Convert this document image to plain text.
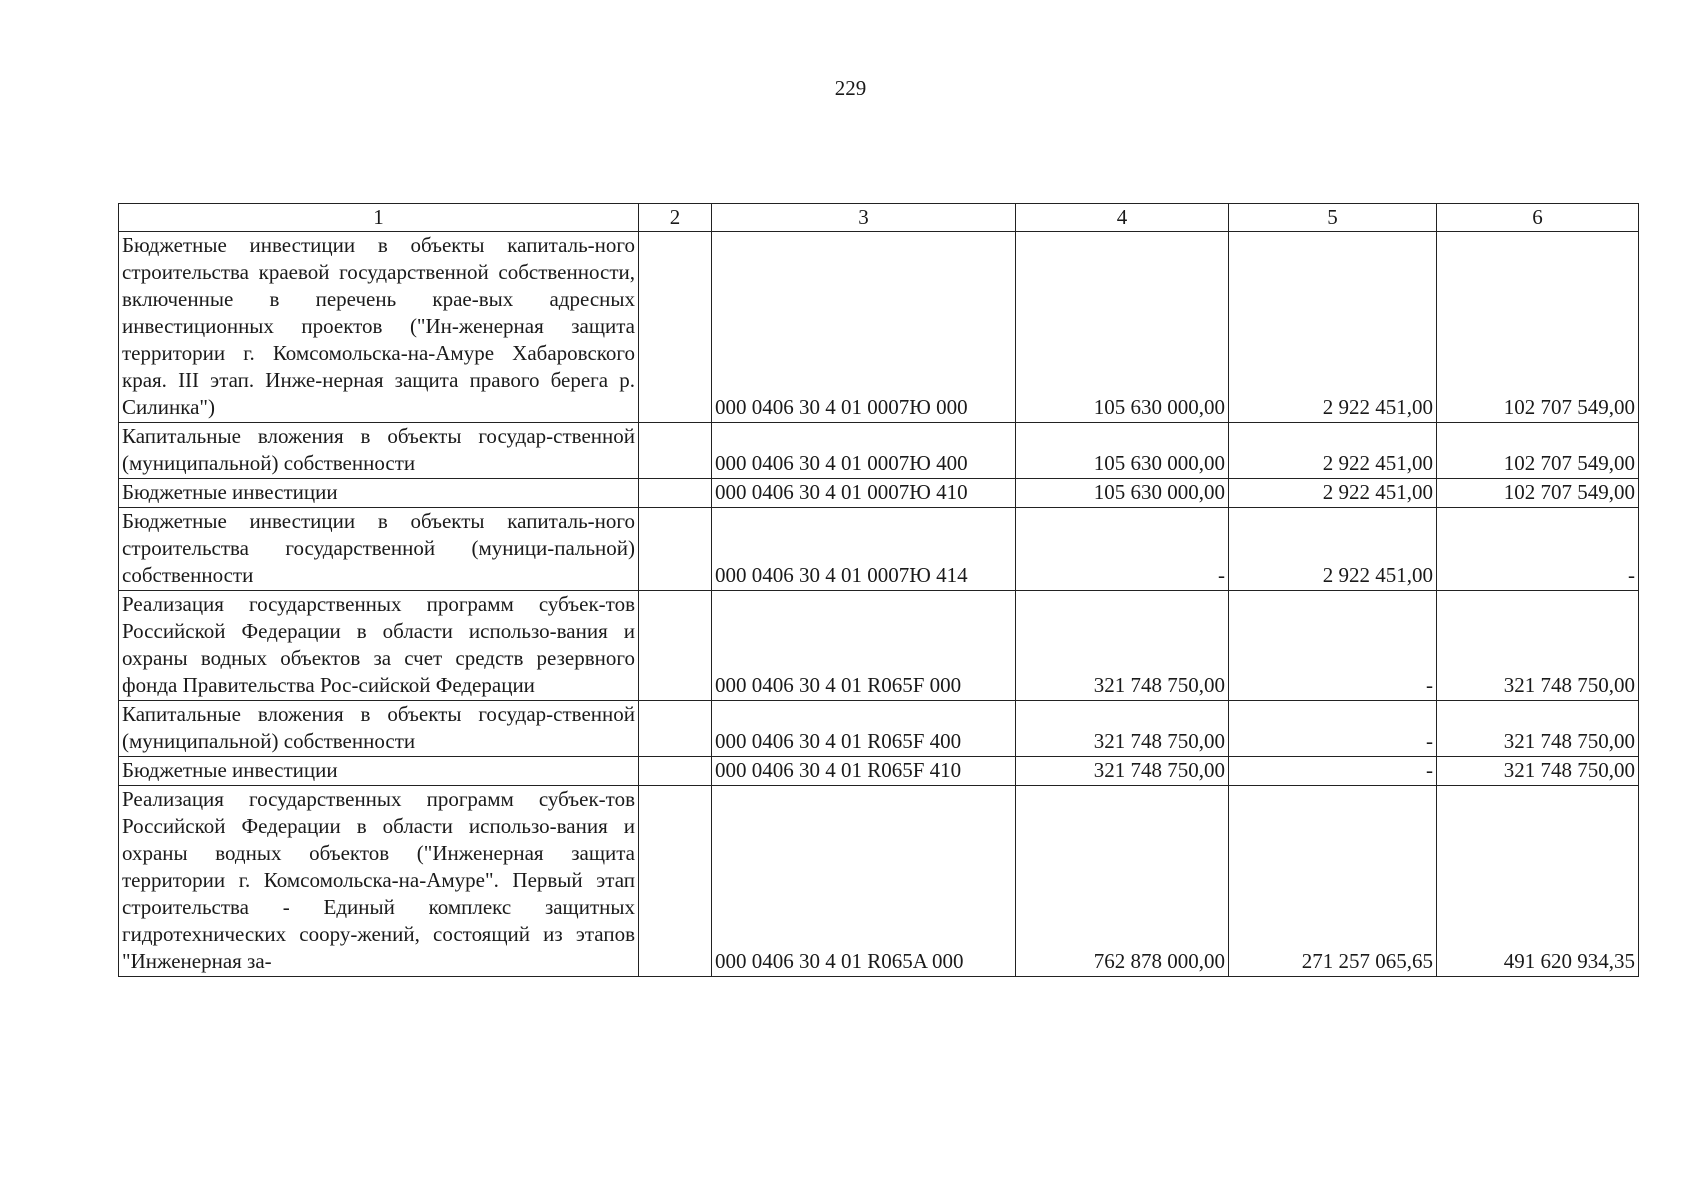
229
1	2	3	4	5	6
Бюджетные инвестиции в объекты капиталь-ного строительства краевой государственной собственности, включенные в перечень крае-вых адресных инвестиционных проектов ("Ин-женерная защита территории г. Комсомольска-на-Амуре Хабаровского края. III этап. Инже-нерная защита правого берега р. Силинка")		000 0406 30 4 01 0007Ю 000	105 630 000,00	2 922 451,00	102 707 549,00
Капитальные вложения в объекты государ-ственной (муниципальной) собственности		000 0406 30 4 01 0007Ю 400	105 630 000,00	2 922 451,00	102 707 549,00
Бюджетные инвестиции		000 0406 30 4 01 0007Ю 410	105 630 000,00	2 922 451,00	102 707 549,00
Бюджетные инвестиции в объекты капиталь-ного строительства государственной (муници-пальной) собственности		000 0406 30 4 01 0007Ю 414	-	2 922 451,00	-
Реализация государственных программ субъек-тов Российской Федерации в области использо-вания и охраны водных объектов за счет средств резервного фонда Правительства Рос-сийской Федерации		000 0406 30 4 01 R065F 000	321 748 750,00	-	321 748 750,00
Капитальные вложения в объекты государ-ственной (муниципальной) собственности		000 0406 30 4 01 R065F 400	321 748 750,00	-	321 748 750,00
Бюджетные инвестиции		000 0406 30 4 01 R065F 410	321 748 750,00	-	321 748 750,00
Реализация государственных программ субъек-тов Российской Федерации в области использо-вания и охраны водных объектов ("Инженерная защита территории г. Комсомольска-на-Амуре". Первый этап строительства - Единый комплекс защитных гидротехнических соору-жений, состоящий из этапов "Инженерная за-		000 0406 30 4 01 R065A 000	762 878 000,00	271 257 065,65	491 620 934,35
